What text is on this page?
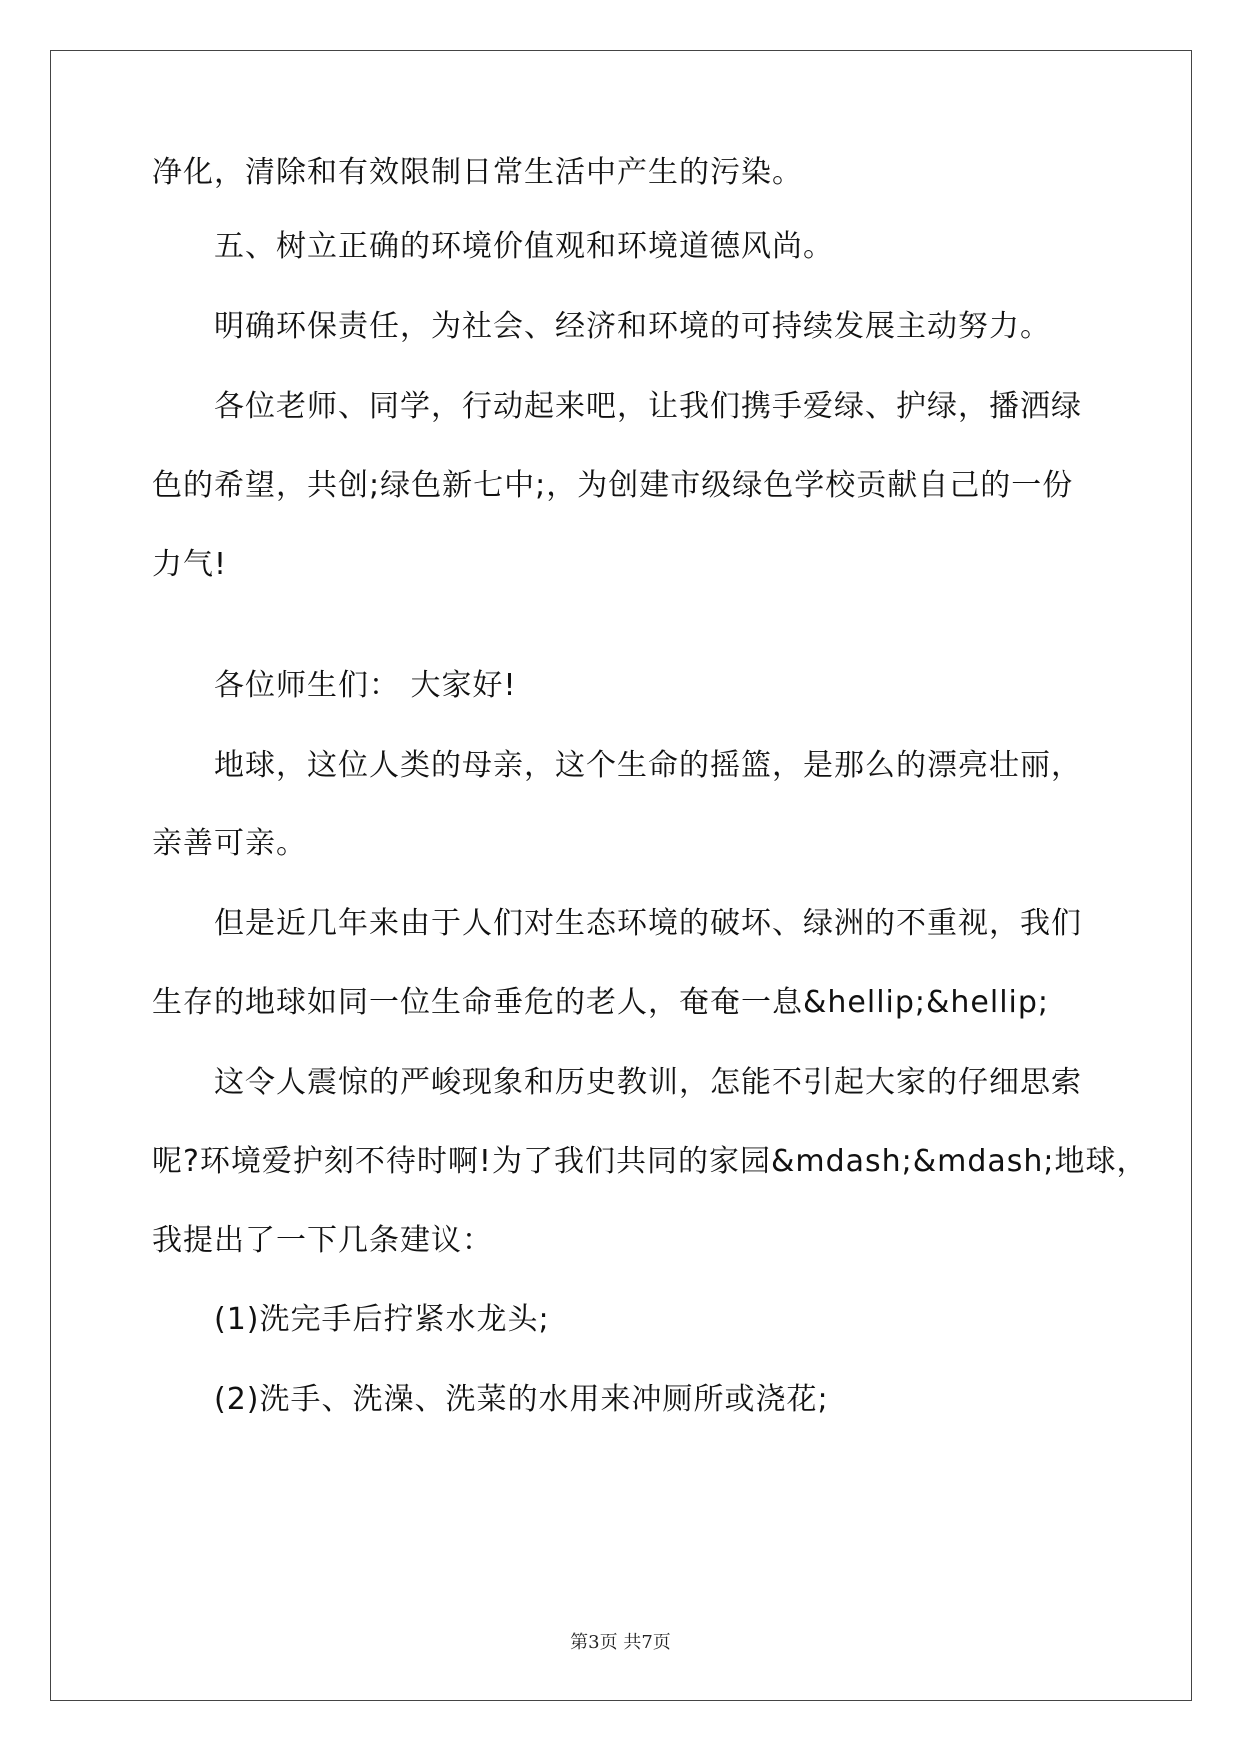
净化，清除和有效限制日常生活中产生的污染。
五、树立正确的环境价值观和环境道德风尚。
明确环保责任，为社会、经济和环境的可持续发展主动努力。
各位老师、同学，行动起来吧，让我们携手爱绿、护绿，播洒绿
色的希望，共创;绿色新七中;，为创建市级绿色学校贡献自己的一份
力气!
各位师生们： 大家好!
地球，这位人类的母亲，这个生命的摇篮，是那么的漂亮壮丽，
亲善可亲。
但是近几年来由于人们对生态环境的破坏、绿洲的不重视，我们
生存的地球如同一位生命垂危的老人，奄奄一息&hellip;&hellip;
这令人震惊的严峻现象和历史教训，怎能不引起大家的仔细思索
呢?环境爱护刻不待时啊!为了我们共同的家园&mdash;&mdash;地球，
我提出了一下几条建议：
(1)洗完手后拧紧水龙头;
(2)洗手、洗澡、洗菜的水用来冲厕所或浇花;
第3页 共7页
